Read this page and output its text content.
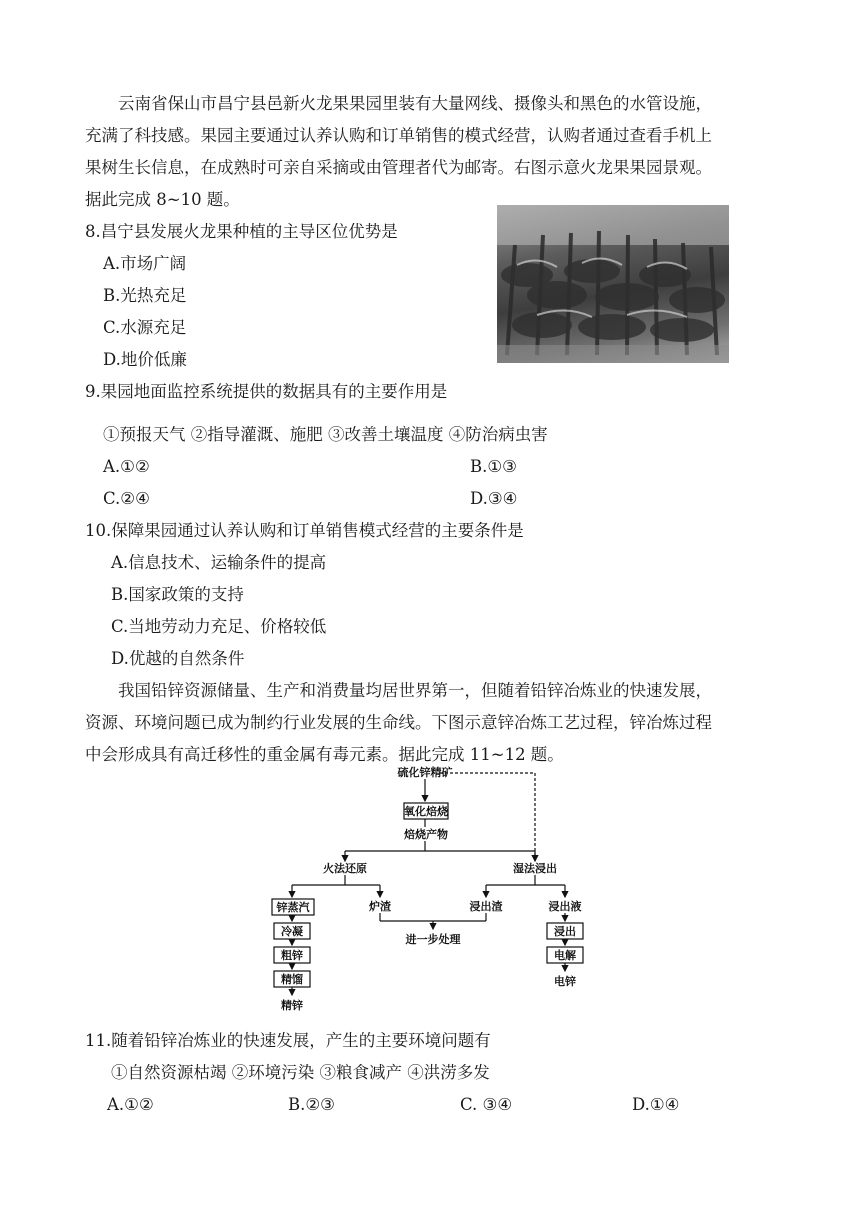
云南省保山市昌宁县邑新火龙果果园里装有大量网线、摄像头和黑色的水管设施，
充满了科技感。果园主要通过认养认购和订单销售的模式经营，认购者通过查看手机上
果树生长信息，在成熟时可亲自采摘或由管理者代为邮寄。右图示意火龙果果园景观。
据此完成 8~10 题。
8.昌宁县发展火龙果种植的主导区位优势是
A.市场广阔
B.光热充足
C.水源充足
D.地价低廉
9.果园地面监控系统提供的数据具有的主要作用是
①预报天气 ②指导灌溉、施肥 ③改善土壤温度 ④防治病虫害
A.①②	B.①③
C.②④	D.③④
10.保障果园通过认养认购和订单销售模式经营的主要条件是
A.信息技术、运输条件的提高
B.国家政策的支持
C.当地劳动力充足、价格较低
D.优越的自然条件
我国铅锌资源储量、生产和消费量均居世界第一，但随着铅锌冶炼业的快速发展，
资源、环境问题已成为制约行业发展的生命线。下图示意锌冶炼工艺过程，锌冶炼过程
中会形成具有高迁移性的重金属有毒元素。据此完成 11~12 题。
硫化锌精矿
氧化焙烧
焙烧产物
火法还原	湿法浸出
锌蒸汽
冷凝
粗锌
精馏
精锌
炉渣	浸出渣
进一步处理
浸出液
浸出
电解
电锌
11.随着铅锌冶炼业的快速发展，产生的主要环境问题有
①自然资源枯竭 ②环境污染 ③粮食减产 ④洪涝多发
A.①②	B.②③	C. ③④	D.①④
